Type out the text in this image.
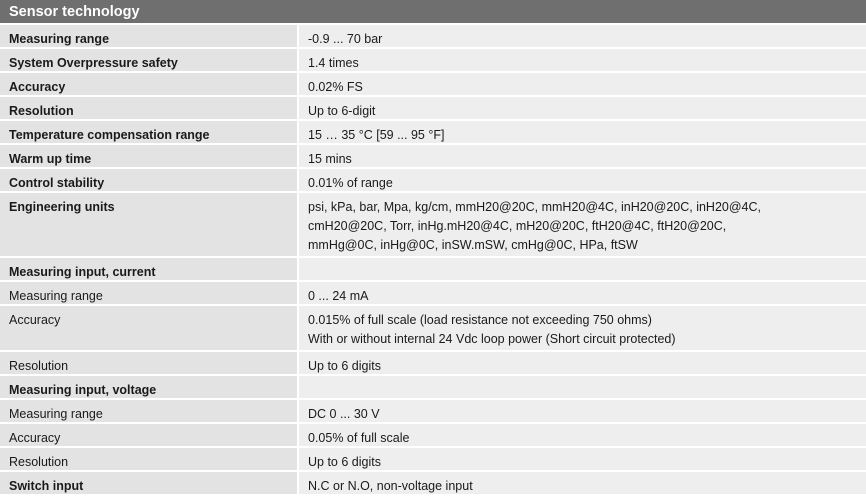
Sensor technology
Measuring range	-0.9 ... 70 bar
System Overpressure safety	1.4 times
Accuracy	0.02% FS
Resolution	Up to 6-digit
Temperature compensation range	15 … 35 °C [59 ... 95 °F]
Warm up time	15 mins
Control stability	0.01% of range
Engineering units	psi, kPa, bar, Mpa, kg/cm, mmH20@20C, mmH20@4C, inH20@20C, inH20@4C,
cmH20@20C, Torr, inHg.mH20@4C, mH20@20C, ftH20@4C, ftH20@20C,
mmHg@0C, inHg@0C, inSW.mSW, cmHg@0C, HPa, ftSW
Measuring input, current
Measuring range	0 ... 24 mA
Accuracy	0.015% of full scale (load resistance not exceeding 750 ohms)
With or without internal 24 Vdc loop power (Short circuit protected)
Resolution	Up to 6 digits
Measuring input, voltage
Measuring range	DC 0 ... 30 V
Accuracy	0.05% of full scale
Resolution	Up to 6 digits
Switch input	N.C or N.O, non-voltage input
